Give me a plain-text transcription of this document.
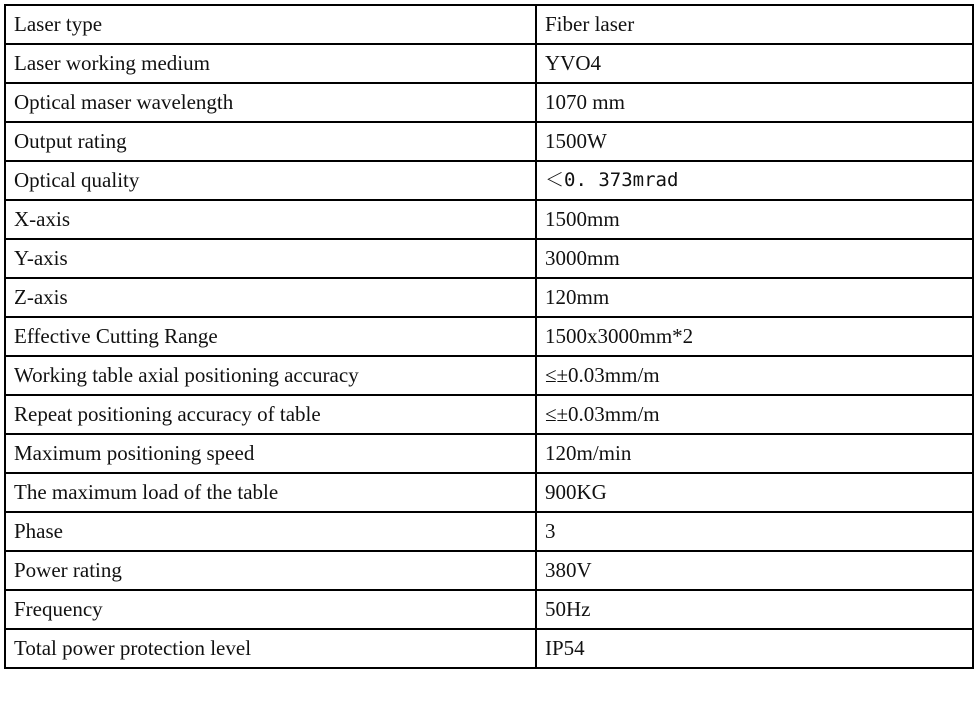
Laser type	Fiber laser
Laser working medium	YVO4
Optical maser wavelength	1070 mm
Output rating	1500W
Optical quality	＜0. 373mrad
X-axis	1500mm
Y-axis	3000mm
Z-axis	120mm
Effective Cutting Range	1500x3000mm*2
Working table axial positioning accuracy	≤±0.03mm/m
Repeat positioning accuracy of table	≤±0.03mm/m
Maximum positioning speed	120m/min
The maximum load of the table	900KG
Phase	3
Power rating	380V
Frequency	50Hz
Total power protection level	IP54
